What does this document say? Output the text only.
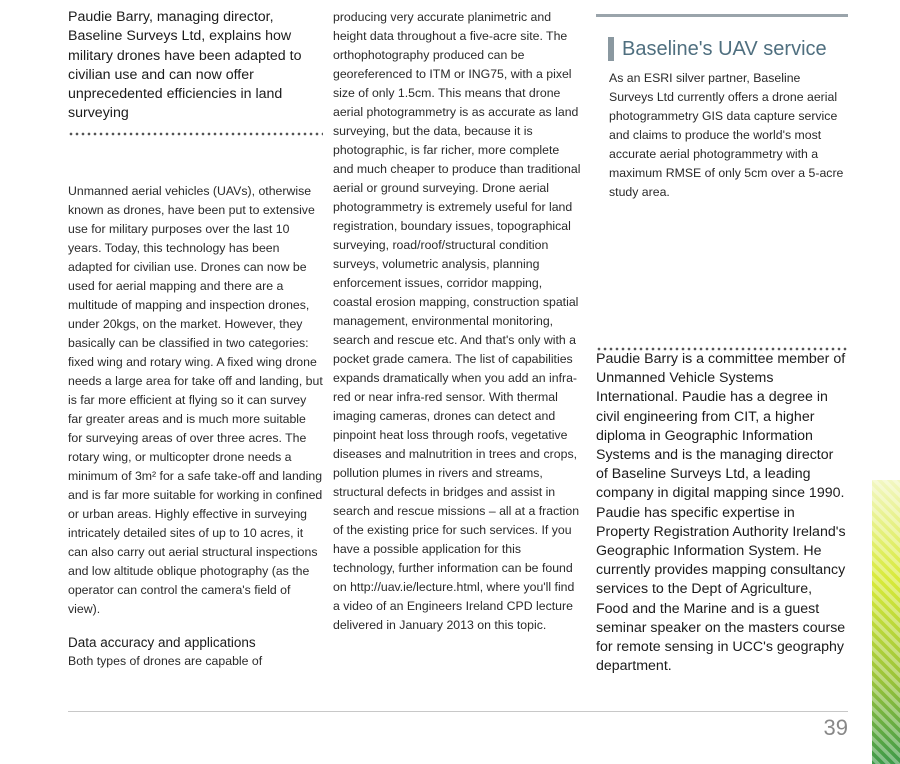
Paudie Barry, managing director, Baseline Surveys Ltd, explains how military drones have been adapted to civilian use and can now offer unprecedented efficiencies in land surveying

Unmanned aerial vehicles (UAVs), otherwise known as drones, have been put to extensive use for military purposes over the last 10 years. Today, this technology has been adapted for civilian use. Drones can now be used for aerial mapping and there are a multitude of mapping and inspection drones, under 20kgs, on the market. However, they basically can be classified in two categories: fixed wing and rotary wing. A fixed wing drone needs a large area for take off and landing, but is far more efficient at flying so it can survey far greater areas and is much more suitable for surveying areas of over three acres. The rotary wing, or multicopter drone needs a minimum of 3m² for a safe take-off and landing and is far more suitable for working in confined or urban areas. Highly effective in surveying intricately detailed sites of up to 10 acres, it can also carry out aerial structural inspections and low altitude oblique photography (as the operator can control the camera's field of view).

Data accuracy and applications

Both types of drones are capable of

producing very accurate planimetric and height data throughout a five-acre site. The orthophotography produced can be georeferenced to ITM or ING75, with a pixel size of only 1.5cm. This means that drone aerial photogrammetry is as accurate as land surveying, but the data, because it is photographic, is far richer, more complete and much cheaper to produce than traditional aerial or ground surveying. Drone aerial photogrammetry is extremely useful for land registration, boundary issues, topographical surveying, road/roof/structural condition surveys, volumetric analysis, planning enforcement issues, corridor mapping, coastal erosion mapping, construction spatial management, environmental monitoring, search and rescue etc. And that's only with a pocket grade camera. The list of capabilities expands dramatically when you add an infra-red or near infra-red sensor. With thermal imaging cameras, drones can detect and pinpoint heat loss through roofs, vegetative diseases and malnutrition in trees and crops, pollution plumes in rivers and streams, structural defects in bridges and assist in search and rescue missions – all at a fraction of the existing price for such services. If you have a possible application for this technology, further information can be found on http://uav.ie/lecture.html, where you'll find a video of an Engineers Ireland CPD lecture delivered in January 2013 on this topic.

Baseline's UAV service

As an ESRI silver partner, Baseline Surveys Ltd currently offers a drone aerial photogrammetry GIS data capture service and claims to produce the world's most accurate aerial photogrammetry with a maximum RMSE of only 5cm over a 5-acre study area.

Paudie Barry is a committee member of Unmanned Vehicle Systems International. Paudie has a degree in civil engineering from CIT, a higher diploma in Geographic Information Systems and is the managing director of Baseline Surveys Ltd, a leading company in digital mapping since 1990. Paudie has specific expertise in Property Registration Authority Ireland's Geographic Information System. He currently provides mapping consultancy services to the Dept of Agriculture, Food and the Marine and is a guest seminar speaker on the masters course for remote sensing in UCC's geography department.

39
